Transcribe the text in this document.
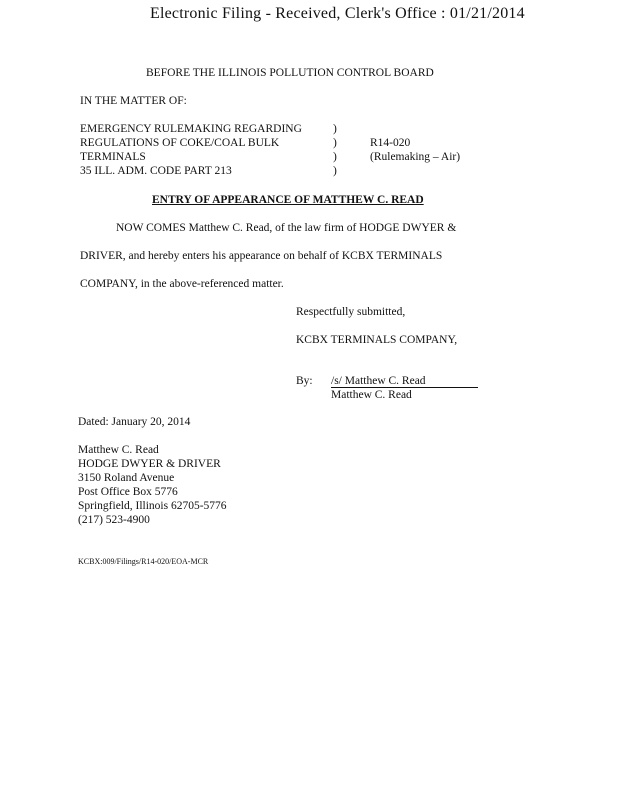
Electronic Filing - Received, Clerk's Office : 01/21/2014
BEFORE THE ILLINOIS POLLUTION CONTROL BOARD
IN THE MATTER OF:
EMERGENCY RULEMAKING REGARDING
REGULATIONS OF COKE/COAL BULK
TERMINALS
35 ILL. ADM. CODE PART 213
)
)
)
)
R14-020
(Rulemaking – Air)
ENTRY OF APPEARANCE OF MATTHEW C. READ
NOW COMES Matthew C. Read, of the law firm of HODGE DWYER &
DRIVER, and hereby enters his appearance on behalf of KCBX TERMINALS
COMPANY, in the above-referenced matter.
Respectfully submitted,
KCBX TERMINALS COMPANY,
By: /s/ Matthew C. Read
Matthew C. Read
Dated: January 20, 2014
Matthew C. Read
HODGE DWYER & DRIVER
3150 Roland Avenue
Post Office Box 5776
Springfield, Illinois 62705-5776
(217) 523-4900
KCBX:009/Filings/R14-020/EOA-MCR
